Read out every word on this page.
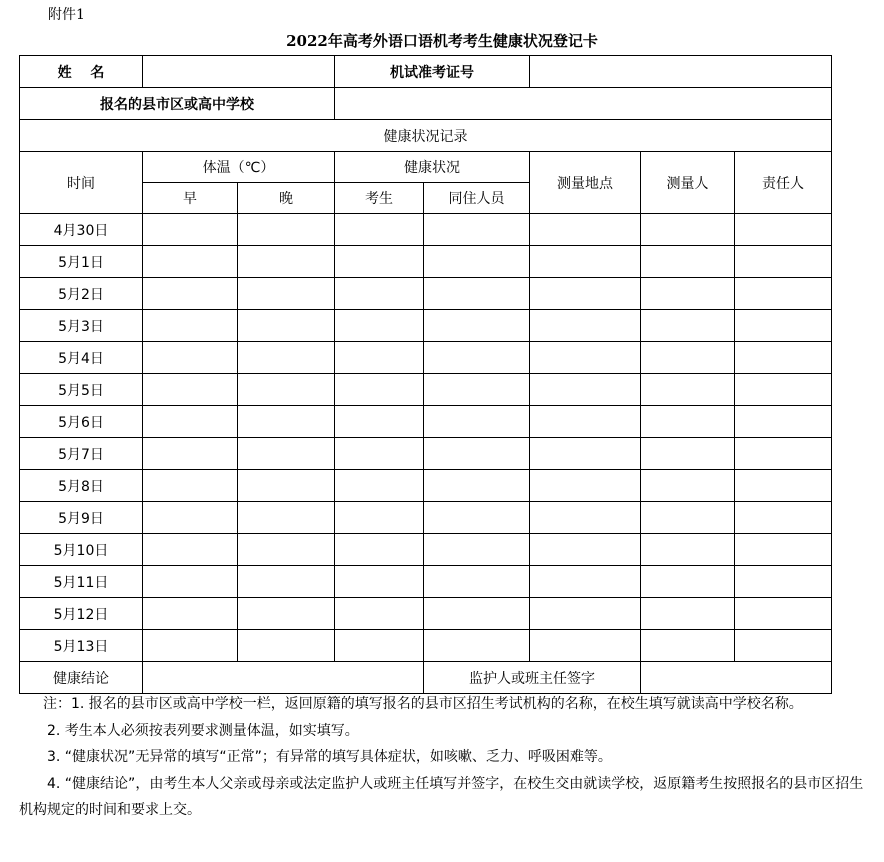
附件1
2022年高考外语口语机考考生健康状况登记卡
姓　 名			机试准考证号				
报名的县市区或高中学校							
健康状况记录							
时间	体温（℃）		健康状况		测量地点	测量人	责任人
	早	晚	考生	同住人员			
4月30日							
5月1日							
5月2日							
5月3日							
5月4日							
5月5日							
5月6日							
5月7日							
5月8日							
5月9日							
5月10日							
5月11日							
5月12日							
5月13日							
健康结论				监护人或班主任签字			

注：1. 报名的县市区或高中学校一栏，返回原籍的填写报名的县市区招生考试机构的名称，在校生填写就读高中学校名称。

2. 考生本人必须按表列要求测量体温，如实填写。

3. “健康状况”无异常的填写“正常”；有异常的填写具体症状，如咳嗽、乏力、呼吸困难等。

4. “健康结论”，由考生本人父亲或母亲或法定监护人或班主任填写并签字，在校生交由就读学校，返原籍考生按照报名的县市区招生机构规定的时间和要求上交。
